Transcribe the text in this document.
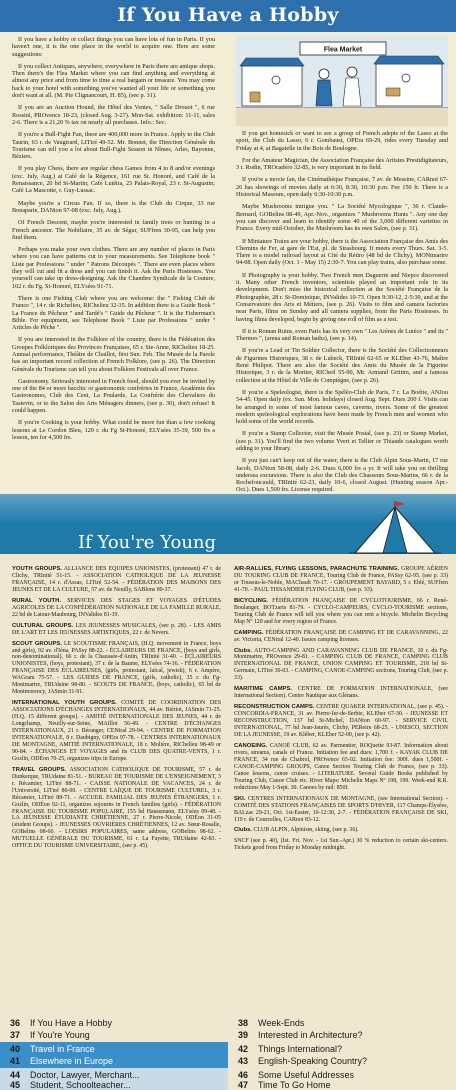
If You Have a Hobby

If you have a hobby or collect things you can have lots of fun in Paris. If you haven't one, it is the one place in the world to acquire one. Here are some suggestions:

If you collect Antiques, anywhere, everywhere in Paris there are antique shops. Then there's the Flea Market where you can find anything and everything at almost any price and from time to time a real bargain or treasure. You may come back to your hotel with something you've wanted all your life or something you don't want at all. (M. Pte Clignancourt, H. 85), (see p. 31).

If you are an Auction Hound, the Hôtel des Ventes, " Salle Drouot ", 6 rue Rossini, PROvence 18-23, (closed Aug. 3-27). Mon-Sat. exhibition: 11-11, sales 2-6. There is a 21,20 % tax on nearly all purchases. Info.: Sec.

If you're a Bull-Fight Fan, there are 400,000 more in France. Apply to the Club Taurin, 63 r. de Vaugirard, LITtré 49-52. Mr. Bonnet, the Direction Générale du Tourisme can tell you a lot about Bull-Fight Season in Nîmes, Arles, Bayonne, Béziers.

If you play Chess, there are regular chess Games from 4 to 8 and/or evenings (exc. July, Aug.) at Café de la Régence, 161 rue St. Honoré, and Café de la Renaissance, 20 bd St-Martin; Café Lutétia, 23 Palais-Royal, 23 r. St-Augustin; Café La Mascotte, r. Guy-Lussac.

Maybe you're a Circus Fan. If so, there is the Club du Cirque, 33 rue Bonaparte, DANton 97-08 (exc. July, Aug.).

Of French Descent, maybe you're interested in family trees or hunting in a French ancestor. The Nobiliaire, 35 av. de Ségur, SUFfren 30-95, can help you find them.

Perhaps you make your own clothes. There are any number of places in Paris where you can have patterns cut to your measurements. See Telephone book " Liste par Professions " under " Patrons Découpés ". There are even places where they will cut and fit a dress and you can finish it. Ask the Paris Hostesses. You yourself can take up dress-designing. Ask the Chambre Syndicale de la Couture, 102 r. du Fg. St-Honoré, ELYsées 91-71.

There is one Fishing Club where you are welcome: the " Fishing Club de France ", 14 r. de Richelieu, RIChelieu 32-35. In addition there is a Guide Book " La France du Pêcheur " and Tardé's " Guide du Pêcheur ". It is the Fisherman's Bible. For equipment, see Telephone Book " Liste par Professions " under " Articles de Pêche ".

If you are interested in the Folklore of the country, there is the Fédération des Groupes Folkloriques des Provinces Françaises, 65 r. Ste-Anne, RIChelieu 18-25. Annual performance, Théâtre de Chaillot, first Sun. Feb. The Musée de la Parole has an important record collection of French Folklore, (see p. 26). The Direction Générale du Tourisme can tell you about Folklore Festivals all over France.

Gastronomy. Seriously interested in French food, should you ever be invited by one of the 84 or more bacchic or gastronomic confréries in France, Académie des Gastronomes, Club des Cent, La Poularde, La Confrérie des Chevaliers du Tastevin, or to the Salon des Arts Ménagers dinners, (see p. 30), don't refuse! It could happen.

If you're Cooking is your hobby. What could be more fun than a few cooking lessons at Le Cordon Bleu, 129 r. du Fg St-Honoré, ELYsées 35-39, 500 frs a lesson, ten for 4,500 frs.

Flea Market

If you get homesick or want to see a group of French adepts of the Lasso at the sport, the Club du Lasso, 6 r. Gombaust, OPEra 69-29, rides every Tuesday and Friday at 4, at Bagatelle in the Bois de Boulogne.

For the Amateur Magician, the Association Française des Artistes Prestidigitateurs, 3 r. Rodin, TROcadéro 32-85, is very important in its field.

If you're a movie fan, the Cinémathèque Française, 7 av. de Messine, CARnot 67-26 has showings of movies daily at 6:30, 8:30, 10:30 p.m. Fee 150 fr. There is a Historical Museum, open daily 6:30-10:30 p.m.

Maybe Mushrooms intrigue you. " La Société Mycologique ", 36 r. Claude-Bernard, GOBelins 08-49, Apr.-Nov., organizes " Mushrooms Hunts ". Any one day you can discover and learn to identify some 40 of the 3,000 different varieties in France. Every mid-October, the Mushroom has its own Salon, (see p. 31).

If Miniature Trains are your hobby, there is the Association Française des Amis des Chemins de Fer, at gare de l'Est, pl. de Strasbourg. It meets every Thurs. Sat. 3-5. There is a model railroad layout at Cité du Rétiro (48 bd de Clichy), MONtmartre 94-08. Open daily (Oct. 1 - May 15) 2:30-7. You can play trains, also purchase some.

If Photography is your hobby. Two French men Daguerre and Niepce discovered it. Many other French inventors, scientists played an important role in its development. Don't miss the historical collection at the Société Française de la Photographie, 28 r. St-Dominique, INValides 10-73. Open 9:30-12, 2-5:30, and at the Conservatoire des Arts et Métiers, (see p. 26). Visits to film and camera factories near Paris, films on Sunday and all camera supplies, from the Paris Hostesses. In having films developed, begin by giving one roll of film as a test.

If it is Roman Ruins, even Paris has its very own " Les Arènes de Lutèce " and its " Thermes ", (arena and Roman baths), (see p. 14).

If you're a Lead or Tin Soldier Collector, there is the Société des Collectionneurs de Figurines Historiques, 38 r. de Lubeck, TRInité 62-65 or KLEber 43-76, Maître René Philipot. There are also the Société des Amis du Musée de la Figurine Historique, 3 r. de la Mortier, RICheil 55-90, Mr. Armand Grittim, and a famous collection at the Hôtel de Ville de Compiègne, (see p. 26).

If you're a Speleologist, there is the Spéléo-Club de Paris, 7 r. La Boétie, ANJou 54-45. Open daily (ex. Sun. Mon. holidays) closed Aug. Sept. Dues 200 f. Visits can be arranged to some of most famous caves, caverns, rivers. Some of the greatest modern speleological explorations have been made by French men and women who hold some of the world records.

If you're a Stamp Collector, visit the Musée Postal, (see p. 23) or Stamp Market, (see p. 31). You'll find the two volume Yvert et Tellier or Thiaude catalogues worth adding to your library.

If you just can't keep out of the water, there is the Club Alpin Sous-Marin, 17 rue Jacob, DANton 58-08, daily 2-6. Dues 6,000 frs a yr. It will take you on thrilling undersea excursions. There is also the Club des Chasseurs Sous-Marins, 66 r. de la Rochefoucauld, TRInité 62-23, daily 10-6, closed August. (Hunting season Apr.-Oct.). Dues 1,500 frs. License required.

If You're Young

YOUTH GROUPS. ALLIANCE DES EQUIPES UNIONISTES, (protestant) 47 r. de Clichy, TRInité 51-15. - ASSOCIATION CATHOLIQUE DE LA JEUNESSE FRANÇAISE, 14 r. d'Assas, LITtré 52-54. - FÉDÉRATION DES MAISONS DES JEUNES ET DE LA CULTURE, 57 av. de Neuilly, SABlons 80-37.

RURAL YOUTH. SERVICES DES STAGES ET VOYAGES D'ÉTUDES AGRICOLES DE LA CONFÉDÉRATION NATIONALE DE LA FAMILLE RURALE, 22 bd de Latour-Maubourg, INValides 81-19.

CULTURAL GROUPS. LES JEUNESSES MUSICALES, (see p. 28). - LES AMIS DE L'ART ET LES JEUNESSES ARTISTIQUES, 22 r. de Nevers.

SCOUT GROUPS. LE SCOUTISME FRANÇAIS, (H.Q. movement in France, boys and girls), 92 av. d'Iéna, PASsy 88-22. - ÉCLAIREURS DE FRANCE, (boys and girls, non-denominational), 66 r. de la Chaussée-d'Antin, TRInité 31-40. - ÉCLAIREURS UNIONISTES, (boys, protestant), 37 r. de la Baume, ELYsées 74-36. - FÉDÉRATION FRANÇAISE DES ÉCLAIREUSES, (girls, protestant, laïcal, jewish), 6 r. Ampère, WAGram 75-57. - LES GUIDES DE FRANCE, (girls, catholic), 35 r. du Fg-Montmartre, TRUdaine 98-80. - SCOUTS DE FRANCE, (boys, catholic), 65 bd de Montmorency, JASmin 31-91.

INTERNATIONAL YOUTH GROUPS. COMITÉ DE COORDINATION DES ASSOCIATIONS D'ÉCHANGES INTERNATIONAUX, 44 av. Biériot, JASmin 71-25. (H.Q. 15 different groups). - AMITIÉ INTERNATIONALE DES JEUNES, 44 r. de Longchamp, Neuilly-sur-Seine, MAIllot 56-49. - CENTRE D'ÉCHANGES INTERNATIONAUX, 21 r. Béranger, CENtral 29-94. - CENTRE DE FORMATION INTERNATIONALE, 8 r. Daubigny, OPEra 97-78. - CENTRES INTERNATIONAUX DE MONTAGNE, AMITIÉ INTERNATIONALE, 18 r. Molière, RIChelieu 98-49 or 90-84. - ÉCHANGES ET VOYAGES and its CLUB DES QUATRE-VENTS, 1 r. Gozlin, ODÉon 70-25, organizes trips in Europe.

TRAVEL GROUPS. ASSOCIATION CATHOLIQUE DE TOURISME, 57 r. de Dunkerque, TRUdaine 81-51. - BUREAU DE TOURISME DE L'ENSEIGNEMENT, 3 r. Récamier, LITtré 88-71. - CAISSE NATIONALE DE VACANCES, 24 r. de l'Université, LITtré 80-00. - CENTRE LAÏQUE DE TOURISME CULTUREL, 3 r. Récamier, LITtré 88-71. - ACCUEIL FAMILIAL DES JEUNES ÉTRANGERS, 1 r. Gozlin, ODÉon 92-11, organizes sojourns in French families (girls). - FÉDÉRATION FRANÇAISE DU TOURISME POPULAIRE, 155 bd Haussmann, ELYsées 09-48. - LA JEUNESSE ÉTUDIANTE CHRÉTIENNE, 27 r. Pierre-Nicole, ODÉon 31-05 (student Groups). - JEUNESSES OUVRIÈRES CHRÉTIENNES, 12 av. Sœur-Rosalie, GOBelins 08-60. - LOISIRS POPULAIRES, same address, GOBelins 98-62. - MUTUELLE GÉNÉRALE DU TOURISME, 61 r. La Fayette, TRUdaine 42-83. - OFFICE DU TOURISME UNIVERSITAIRE, (see p. 45).

AIR-RALLIES, FLYING LESSONS, PARACHUTE TRAINING. GROUPE AÉRIEN DU TOURING CLUB DE FRANCE, Touring Club de France, PASsy 62-95. (see p. 33) or Toussus-le-Noble, MAChault 70-17. - GROUPEMENT BAYARD, 5 r. Eblé, SUFfren 41-70. - PAUL TISSANDIER FLYING CLUB, (see p. 33).

BICYCLING. FÉDÉRATION FRANÇAISE DE CYCLOTOURISME, 66 r. René-Boulanger, BOTzaris 81-79. - CYCLO-CAMPEURS, CYCLO-TOURISME sections, Touring Club de France will tell you where you can rent a bicycle. Michelin Bicycling Map Nº 120 and for every region of France.

CAMPING. FÉDÉRATION FRANÇAISE DE CAMPING ET DE CARAVANNING, 22 av. Victoria, CENtral 12-40. Issues camping licenses.

Clubs. AUTO-CAMPING AND CARAVANNING CLUB DE FRANCE, 10 r. du Fg-Montmartre, PROvence 29-81. - CAMPING CLUB DE FRANCE, CAMPING CLUB INTERNATIONAL DE FRANCE, UNION CAMPING ET TOURISME, 218 bd St-Germain, LITtré 30-03. - CAMPING, CANOE-CAMPING sections, Touring Club, (see p. 33).

MARITIME CAMPS. CENTRE DE FORMATION INTERNATIONALE, (see International Section). Centre Nautique aux Glénans.

RECONSTRUCTION CAMPS. CENTRE QUAKER INTERNATIONAL, (see p. 45). - CONCORDIA-FRANCE, 31 av. Pierre-Ier-de-Serbie, KLEber 67-30. - JEUNESSE ET RECONSTRUCTION, 137 bd St-Michel, DANton 60-97. - SERVICE CIVIL INTERNATIONAL, 77 bd Jean-Jaurès, Clichy, PEReire 68-25. - UNESCO, SECTION DE LA JEUNESSE, 19 av. Kléber, KLEber 52-00, (see p. 42).

CANOEING. CANOË CLUB, 62 av. Parmentier, ROQuette 93-87. Information about rivers, streams, canals of France. Initiation fee and dues: 1,700 f. - KAYAK CLUB DE FRANCE, 34 rue de Chabrol, PROvence 65-02. Initiation fee: 300f. dues 1,500f. - CANOE-CAMPING GROUPS, Canoe Section Touring Club de France, (see p. 33). Canoe lessons, canoe cruises. - LITERATURE. Several Guide Books published by Touring Club, Canoe Club etc. River Maps: Michelin Maps Nº 198, 199. Week-end R.R. reductions May 1-Sept. 30. Canoes by rail: 850f.

SKI. CENTRES INTERNATIONAUX DE MONTAGNE, (see International Section). - COMITÉ DES STATIONS FRANÇAISES DE SPORTS D'HIVER, 117 Champs-Élysées, BALzac 29-21, Oct. 1st-Easter, 10-12:30, 2-7. - FÉDÉRATION FRANÇAISE DE SKI, 119 r. de Courcelles, CARnot 83-12.

Clubs. CLUB ALPIN, Alpinism, skiing, (see p. 36).

SNCF (see p. 40), (Ist. Fri. Nov. - 1st Sun.-Apr.) 30 % reduction to certain ski-centers. Tickets good from Friday to Monday midnight.

36 If You Have a Hobby
37 If You're Young
38 Week-Ends
39 Interested in Architecture?
40 Travel in France
41 Elsewhere in Europe
42 Things International?
43 English-Speaking Country?
44 Doctor, Lawyer, Merchant...
45 Student, Schoolteacher...
46 Some Useful Addresses
47 Time To Go Home
